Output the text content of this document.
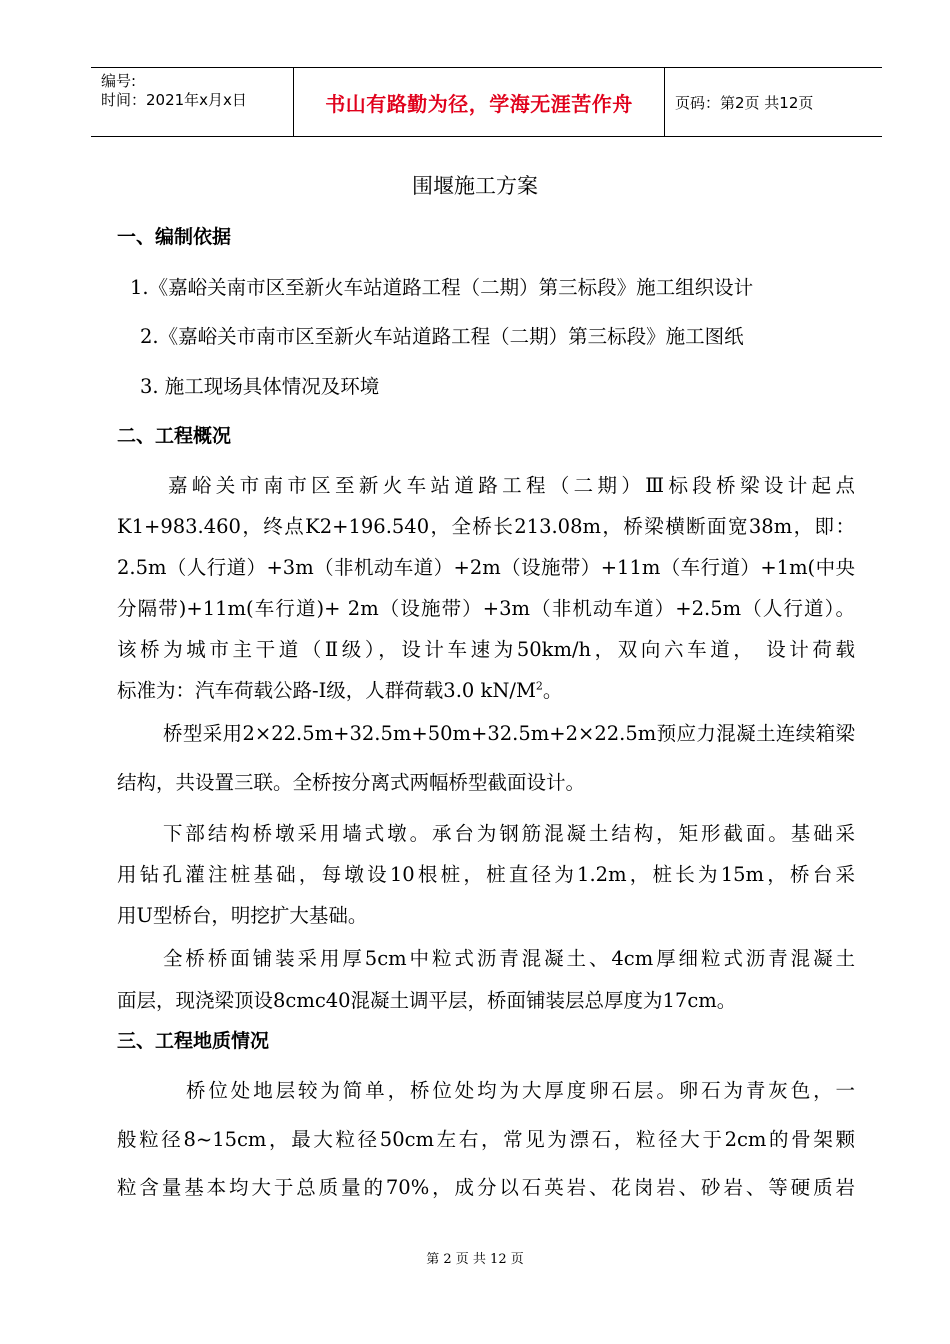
编号:
时间：2021年x月x日	书山有路勤为径，学海无涯苦作舟	页码：第2页 共12页
围堰施工方案
一、编制依据
1.《嘉峪关南市区至新火车站道路工程（二期）第三标段》施工组织设计
2.《嘉峪关市南市区至新火车站道路工程（二期）第三标段》施工图纸
3. 施工现场具体情况及环境
二、工程概况
嘉峪关市南市区至新火车站道路工程（二期）Ⅲ标段桥梁设计起点
K1+983.460，终点K2+196.540，全桥长213.08m，桥梁横断面宽38m，即：
2.5m（人行道）+3m（非机动车道）+2m（设施带）+11m（车行道）+1m(中央
分隔带)+11m(车行道)+ 2m（设施带）+3m（非机动车道）+2.5m（人行道）。
该桥为城市主干道（Ⅱ级），设计车速为50km/h，双向六车道， 设计荷载
标准为：汽车荷载公路-I级，人群荷载3.0 $kN/M^2$。
桥型采用2×22.5m+32.5m+50m+32.5m+2×22.5m预应力混凝土连续箱梁
结构，共设置三联。全桥按分离式两幅桥型截面设计。
下部结构桥墩采用墙式墩。承台为钢筋混凝土结构，矩形截面。基础采
用钻孔灌注桩基础，每墩设10根桩，桩直径为1.2m，桩长为15m，桥台采
用U型桥台，明挖扩大基础。
全桥桥面铺装采用厚5cm中粒式沥青混凝土、4cm厚细粒式沥青混凝土
面层，现浇梁顶设8cmc40混凝土调平层，桥面铺装层总厚度为17cm。
三、工程地质情况
桥位处地层较为简单，桥位处均为大厚度卵石层。卵石为青灰色，一
般粒径8~15cm，最大粒径50cm左右，常见为漂石，粒径大于2cm的骨架颗
粒含量基本均大于总质量的70%，成分以石英岩、花岗岩、砂岩、等硬质岩
第 2 页 共 12 页
